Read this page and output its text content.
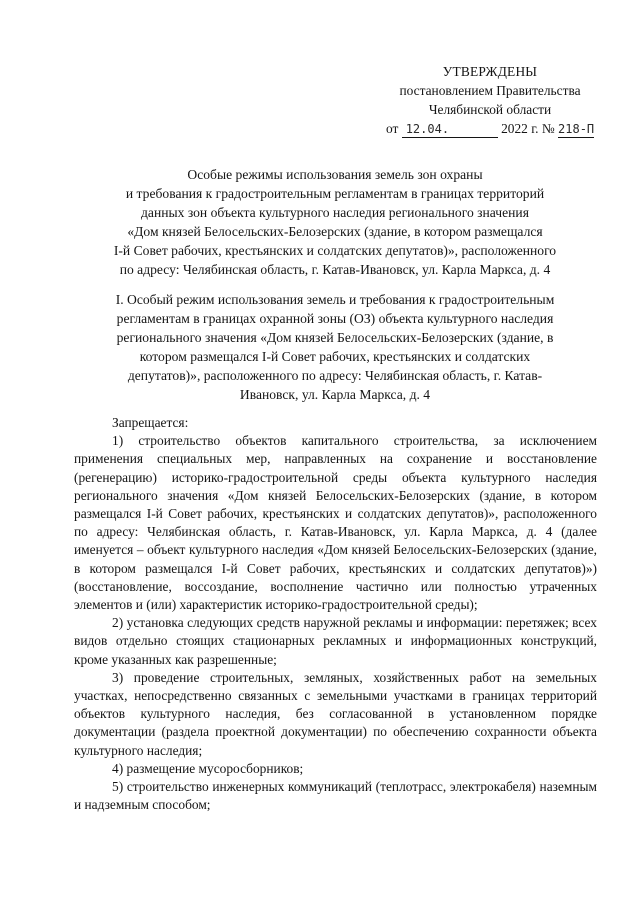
УТВЕРЖДЕНЫ
постановлением Правительства
Челябинской области
от 12.04.	2022 г. № 218-П
Особые режимы использования земель зон охраны
и требования к градостроительным регламентам в границах территорий
данных зон объекта культурного наследия регионального значения
«Дом князей Белосельских-Белозерских (здание, в котором размещался
I-й Совет рабочих, крестьянских и солдатских депутатов)», расположенного
по адресу: Челябинская область, г. Катав-Ивановск, ул. Карла Маркса, д. 4
I. Особый режим использования земель и требования к градостроительным
регламентам в границах охранной зоны (ОЗ) объекта культурного наследия
регионального значения «Дом князей Белосельских-Белозерских (здание, в
котором размещался I-й Совет рабочих, крестьянских и солдатских
депутатов)», расположенного по адресу: Челябинская область, г. Катав-
Ивановск, ул. Карла Маркса, д. 4

Запрещается:

1) строительство объектов капитального строительства, за исключением применения специальных мер, направленных на сохранение и восстановление (регенерацию) историко-градостроительной среды объекта культурного наследия регионального значения «Дом князей Белосельских-Белозерских (здание, в котором размещался I-й Совет рабочих, крестьянских и солдатских депутатов)», расположенного по адресу: Челябинская область, г. Катав-Ивановск, ул. Карла Маркса, д. 4 (далее именуется – объект культурного наследия «Дом князей Белосельских-Белозерских (здание, в котором размещался I-й Совет рабочих, крестьянских и солдатских депутатов)») (восстановление, воссоздание, восполнение частично или полностью утраченных элементов и (или) характеристик историко-градостроительной среды);

2) установка следующих средств наружной рекламы и информации: перетяжек; всех видов отдельно стоящих стационарных рекламных и информационных конструкций, кроме указанных как разрешенные;

3) проведение строительных, земляных, хозяйственных работ на земельных участках, непосредственно связанных с земельными участками в границах территорий объектов культурного наследия, без согласованной в установленном порядке документации (раздела проектной документации) по обеспечению сохранности объекта культурного наследия;

4) размещение мусоросборников;

5) строительство инженерных коммуникаций (теплотрасс, электрокабеля) наземным и надземным способом;
